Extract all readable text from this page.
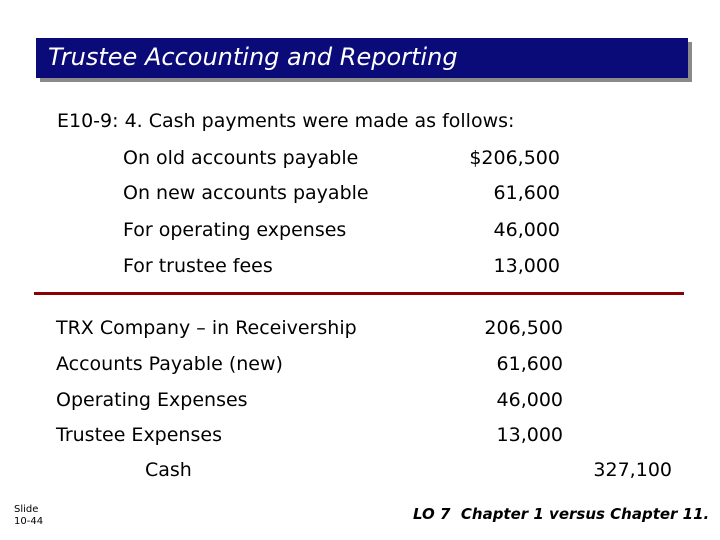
Trustee Accounting and Reporting
E10-9: 4. Cash payments were made as follows:
On old accounts payable	$206,500
On new accounts payable	61,600
For operating expenses	46,000
For trustee fees	13,000
TRX Company – in Receivership	206,500
Accounts Payable (new)	61,600
Operating Expenses	46,000
Trustee Expenses	13,000
Cash	327,100
Slide
10-44	LO 7  Chapter 1 versus Chapter 11.
